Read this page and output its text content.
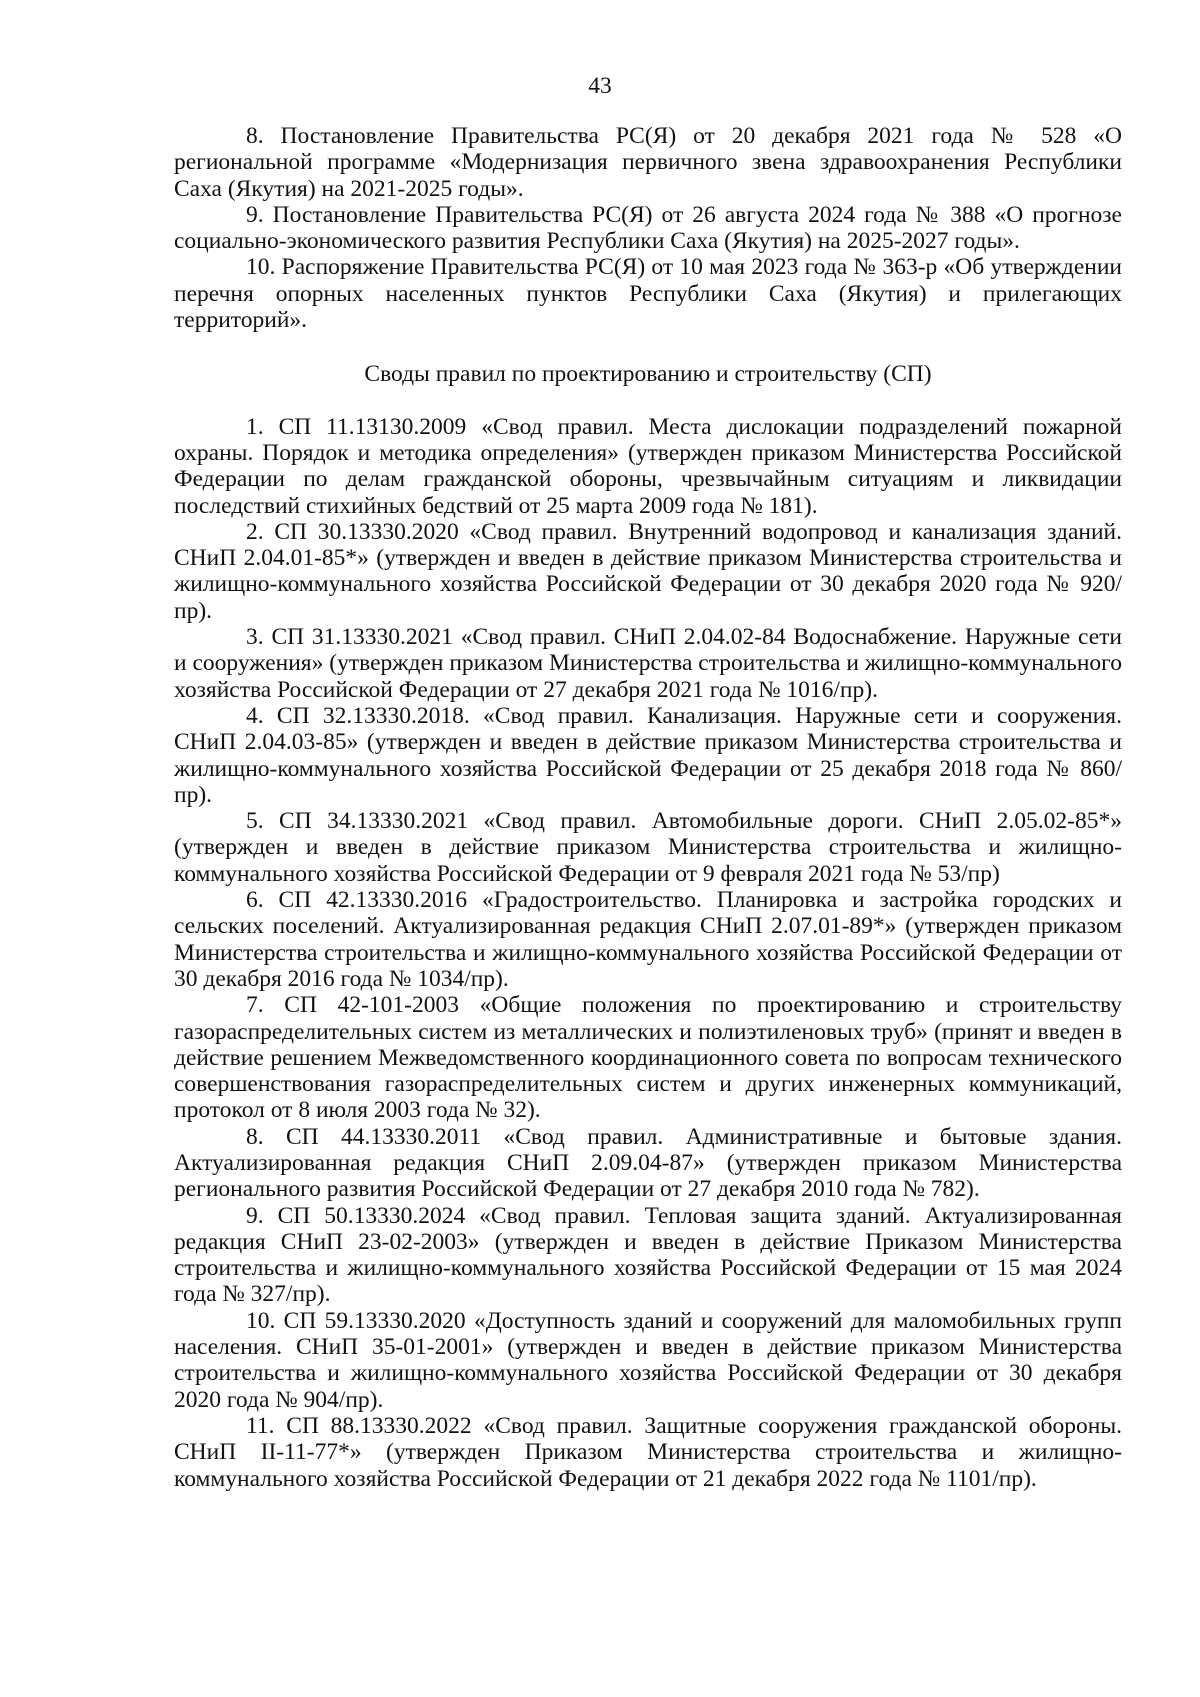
43

8. Постановление Правительства РС(Я) от 20 декабря 2021 года № 528 «О региональной программе «Модернизация первичного звена здравоохранения Республики Саха (Якутия) на 2021-2025 годы».

9. Постановление Правительства РС(Я) от 26 августа 2024 года № 388 «О прогнозе социально-экономического развития Республики Саха (Якутия) на 2025-2027 годы».

10. Распоряжение Правительства РС(Я) от 10 мая 2023 года № 363-р «Об утверждении перечня опорных населенных пунктов Республики Саха (Якутия) и прилегающих территорий».

Своды правил по проектированию и строительству (СП)

1. СП 11.13130.2009 «Свод правил. Места дислокации подразделений пожарной охраны. Порядок и методика определения» (утвержден приказом Министерства Российской Федерации по делам гражданской обороны, чрезвычайным ситуациям и ликвидации последствий стихийных бедствий от 25 марта 2009 года № 181).

2. СП 30.13330.2020 «Свод правил. Внутренний водопровод и канализация зданий. СНиП 2.04.01-85*» (утвержден и введен в действие приказом Министерства строительства и жилищно-коммунального хозяйства Российской Федерации от 30 декабря 2020 года № 920/пр).

3. СП 31.13330.2021 «Свод правил. СНиП 2.04.02-84 Водоснабжение. Наружные сети и сооружения» (утвержден приказом Министерства строительства и жилищно-коммунального хозяйства Российской Федерации от 27 декабря 2021 года № 1016/пр).

4. СП 32.13330.2018. «Свод правил. Канализация. Наружные сети и сооружения. СНиП 2.04.03-85» (утвержден и введен в действие приказом Министерства строительства и жилищно-коммунального хозяйства Российской Федерации от 25 декабря 2018 года № 860/пр).

5. СП 34.13330.2021 «Свод правил. Автомобильные дороги. СНиП 2.05.02-85*» (утвержден и введен в действие приказом Министерства строительства и жилищно-коммунального хозяйства Российской Федерации от 9 февраля 2021 года № 53/пр)

6. СП 42.13330.2016 «Градостроительство. Планировка и застройка городских и сельских поселений. Актуализированная редакция СНиП 2.07.01-89*» (утвержден приказом Министерства строительства и жилищно-коммунального хозяйства Российской Федерации от 30 декабря 2016 года № 1034/пр).

7. СП 42-101-2003 «Общие положения по проектированию и строительству газораспределительных систем из металлических и полиэтиленовых труб» (принят и введен в действие решением Межведомственного координационного совета по вопросам технического совершенствования газораспределительных систем и других инженерных коммуникаций, протокол от 8 июля 2003 года № 32).

8. СП 44.13330.2011 «Свод правил. Административные и бытовые здания. Актуализированная редакция СНиП 2.09.04-87» (утвержден приказом Министерства регионального развития Российской Федерации от 27 декабря 2010 года № 782).

9. СП 50.13330.2024 «Свод правил. Тепловая защита зданий. Актуализированная редакция СНиП 23-02-2003» (утвержден и введен в действие Приказом Министерства строительства и жилищно-коммунального хозяйства Российской Федерации от 15 мая 2024 года № 327/пр).

10. СП 59.13330.2020 «Доступность зданий и сооружений для маломобильных групп населения. СНиП 35-01-2001» (утвержден и введен в действие приказом Министерства строительства и жилищно-коммунального хозяйства Российской Федерации от 30 декабря 2020 года № 904/пр).

11. СП 88.13330.2022 «Свод правил. Защитные сооружения гражданской обороны. СНиП II-11-77*» (утвержден Приказом Министерства строительства и жилищно-коммунального хозяйства Российской Федерации от 21 декабря 2022 года № 1101/пр).
